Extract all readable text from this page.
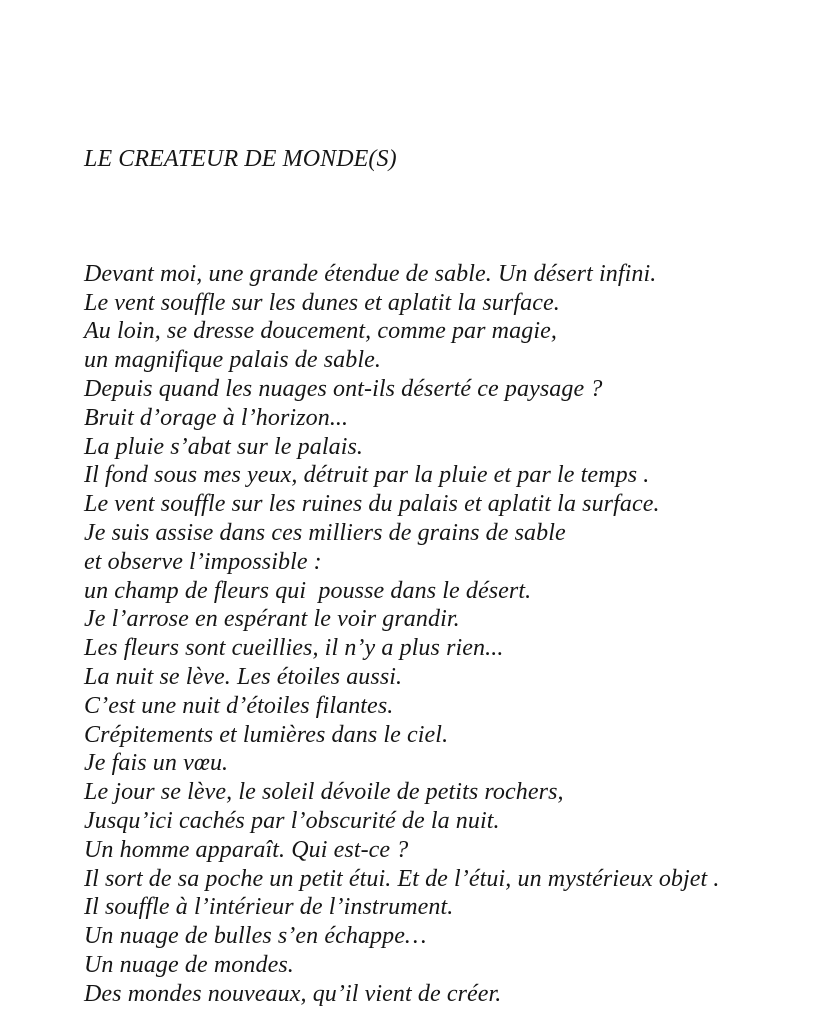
LE CREATEUR DE MONDE(S)

Devant moi, une grande étendue de sable. Un désert infini.
Le vent souffle sur les dunes et aplatit la surface.
Au loin, se dresse doucement, comme par magie,
un magnifique palais de sable.
Depuis quand les nuages ont-ils déserté ce paysage ?
Bruit d’orage à l’horizon...
La pluie s’abat sur le palais.
Il fond sous mes yeux, détruit par la pluie et par le temps .
Le vent souffle sur les ruines du palais et aplatit la surface.
Je suis assise dans ces milliers de grains de sable
et observe l’impossible :
un champ de fleurs qui  pousse dans le désert.
Je l’arrose en espérant le voir grandir.
Les fleurs sont cueillies, il n’y a plus rien...
La nuit se lève. Les étoiles aussi.
C’est une nuit d’étoiles filantes.
Crépitements et lumières dans le ciel.
Je fais un vœu.
Le jour se lève, le soleil dévoile de petits rochers,
Jusqu’ici cachés par l’obscurité de la nuit.
Un homme apparaît. Qui est-ce ?
Il sort de sa poche un petit étui. Et de l’étui, un mystérieux objet .
Il souffle à l’intérieur de l’instrument.
Un nuage de bulles s’en échappe…
Un nuage de mondes.
Des mondes nouveaux, qu’il vient de créer.
